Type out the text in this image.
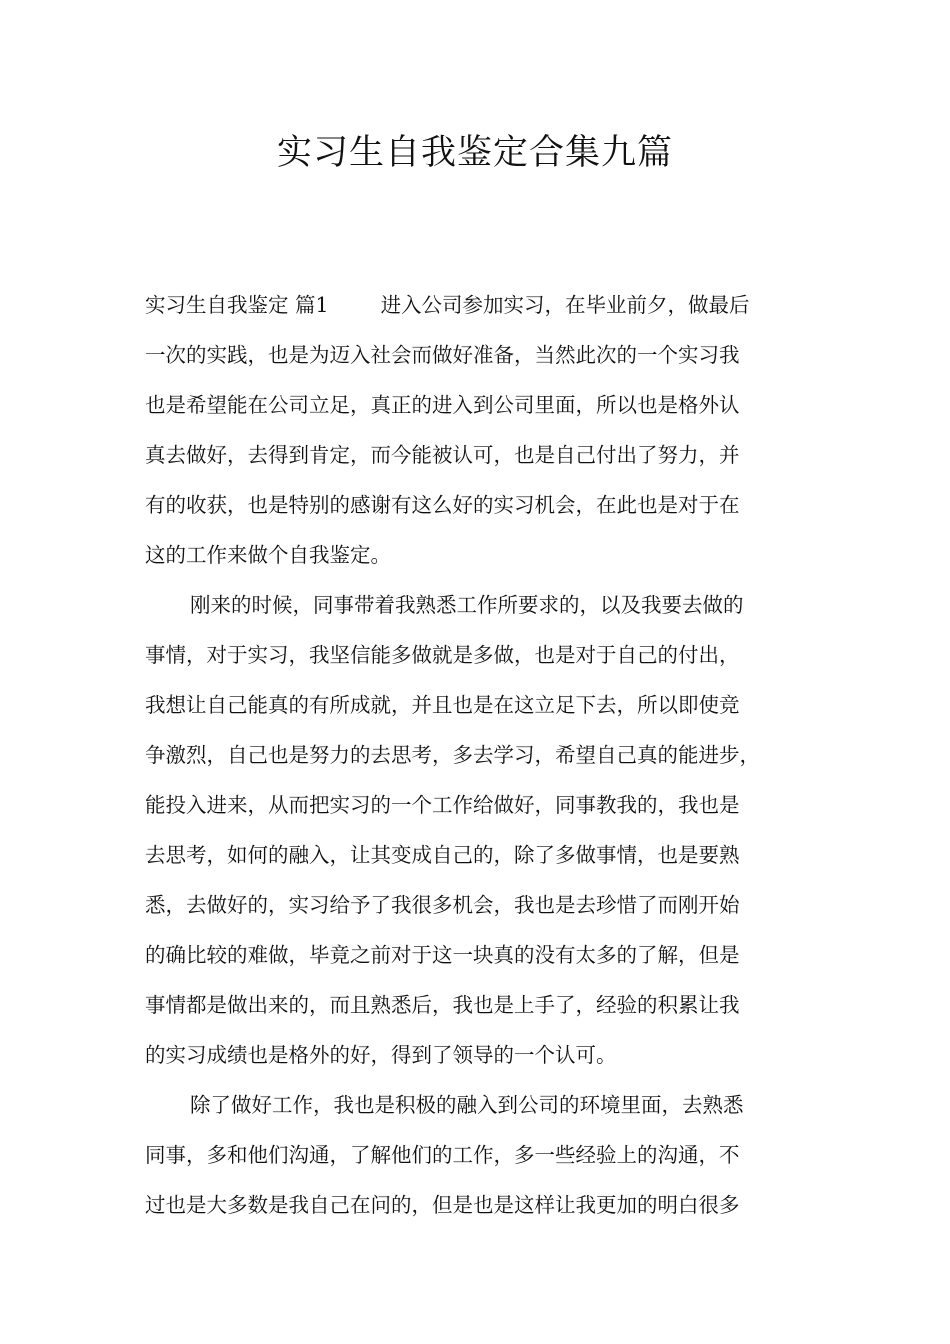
实习生自我鉴定合集九篇
实习生自我鉴定 篇1	进入公司参加实习，在毕业前夕，做最后
一次的实践，也是为迈入社会而做好准备，当然此次的一个实习我
也是希望能在公司立足，真正的进入到公司里面，所以也是格外认
真去做好，去得到肯定，而今能被认可，也是自己付出了努力，并
有的收获，也是特别的感谢有这么好的实习机会，在此也是对于在
这的工作来做个自我鉴定。
刚来的时候，同事带着我熟悉工作所要求的，以及我要去做的
事情，对于实习，我坚信能多做就是多做，也是对于自己的付出，
我想让自己能真的有所成就，并且也是在这立足下去，所以即使竞
争激烈，自己也是努力的去思考，多去学习，希望自己真的能进步，
能投入进来，从而把实习的一个工作给做好，同事教我的，我也是
去思考，如何的融入，让其变成自己的，除了多做事情，也是要熟
悉，去做好的，实习给予了我很多机会，我也是去珍惜了而刚开始
的确比较的难做，毕竟之前对于这一块真的没有太多的了解，但是
事情都是做出来的，而且熟悉后，我也是上手了，经验的积累让我
的实习成绩也是格外的好，得到了领导的一个认可。
除了做好工作，我也是积极的融入到公司的环境里面，去熟悉
同事，多和他们沟通，了解他们的工作，多一些经验上的沟通，不
过也是大多数是我自己在问的，但是也是这样让我更加的明白很多
